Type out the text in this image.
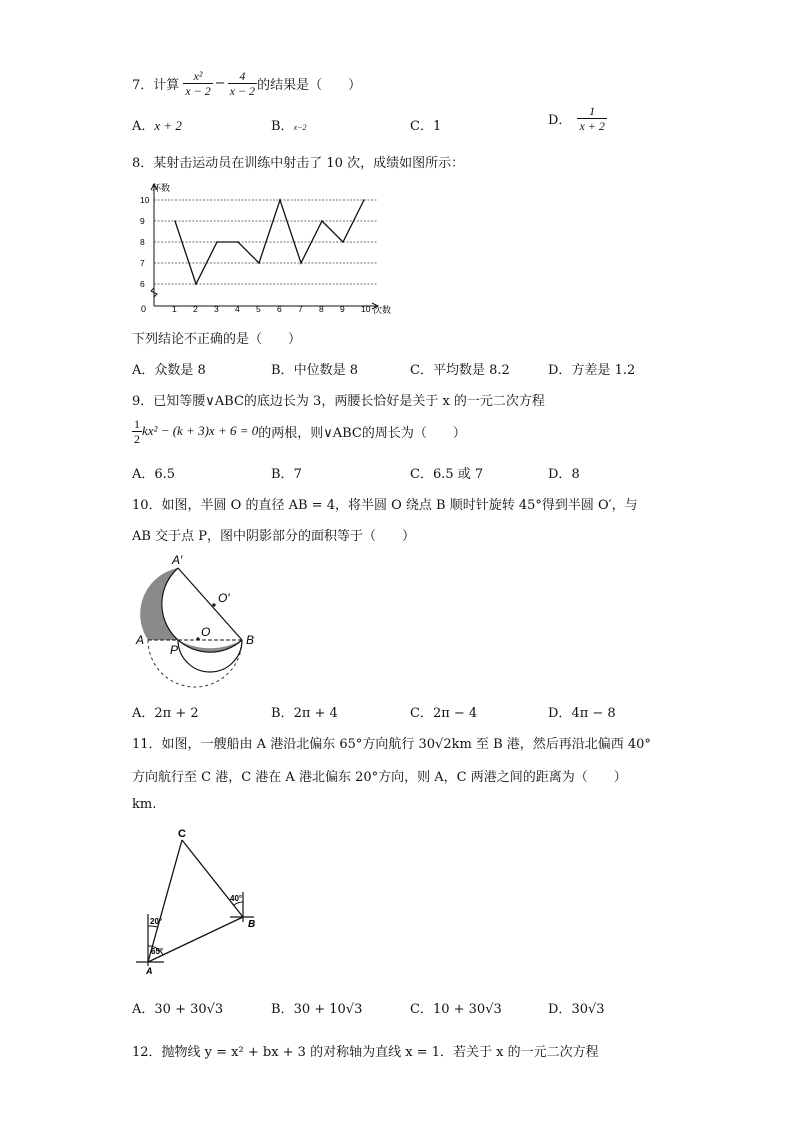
7．计算 $\frac{\text{x²}}{x - 2} - \frac{4}{x - 2}$ 的结果是（　　）
A．x + 2	B．x−2	C．1	D． $\frac{1}{x + 2}$
8．某射击运动员在训练中射击了 10 次，成绩如图所示：
6
7
8
9
10
1 2 3 4 5 6 7 8 9 10
环数
次数
0
下列结论不正确的是（　　）
A．众数是 8	B．中位数是 8	C．平均数是 8.2	D．方差是 1.2
9．已知等腰∨ABC的底边长为 3，两腰长恰好是关于 x 的一元二次方程
$\frac{1}{2} kx^2 - (k + 3)x + 6 = 0$ 的两根，则∨ABC的周长为（　　）
A．6.5	B．7	C．6.5 或 7	D．8
10．如图，半圆 O 的直径 AB = 4，将半圆 O 绕点 B 顺时针旋转 45°得到半圆 O′，与
AB 交于点 P，图中阴影部分的面积等于（　　）
A′
O′
A
O
B
P
A．2π + 2	B．2π + 4	C．2π − 4	D．4π − 8
11．如图，一艘船由 A 港沿北偏东 65°方向航行 30√2km 至 B 港，然后再沿北偏西 40°
方向航行至 C 港，C 港在 A 港北偏东 20°方向，则 A，C 两港之间的距离为（　　）
km.
C
B
A
20°
65°
40°
A．30 + 30√3	B．30 + 10√3	C．10 + 30√3	D．30√3
12．抛物线 y = x² + bx + 3 的对称轴为直线 x = 1．若关于 x 的一元二次方程
